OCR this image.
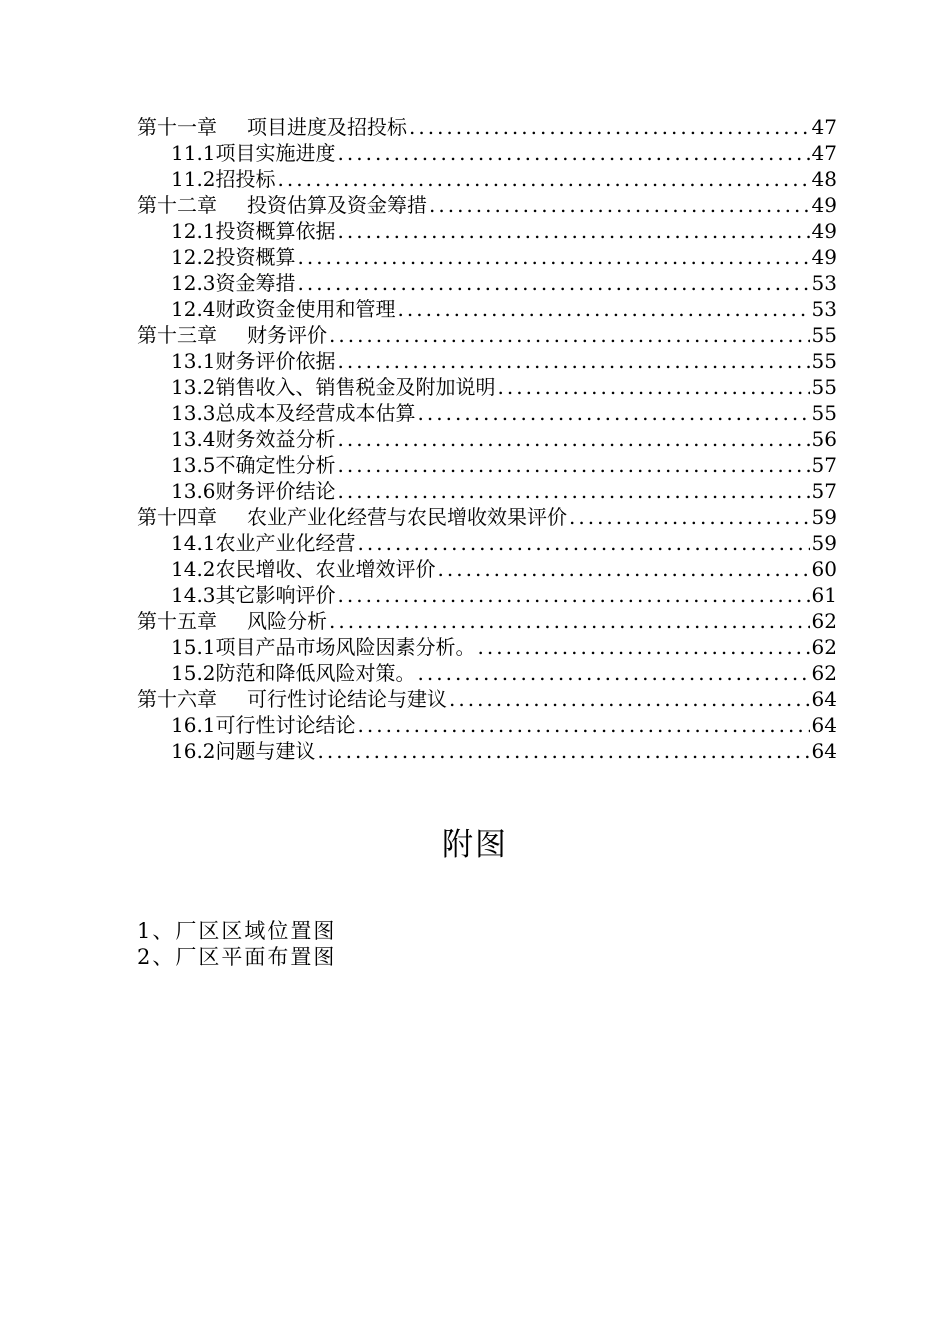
第十一章 项目进度及招投标 .....	47
11.1项目实施进度 .....	47
11.2招投标 .....	48
第十二章 投资估算及资金筹措 .....	49
12.1投资概算依据 .....	49
12.2投资概算 .....	49
12.3资金筹措 .....	53
12.4财政资金使用和管理 .....	53
第十三章 财务评价 .....	55
13.1财务评价依据 .....	55
13.2销售收入、销售税金及附加说明 .....	55
13.3总成本及经营成本估算 .....	55
13.4财务效益分析 .....	56
13.5不确定性分析 .....	57
13.6财务评价结论 .....	57
第十四章 农业产业化经营与农民增收效果评价 .....	59
14.1农业产业化经营 .....	59
14.2农民增收、农业增效评价 .....	60
14.3其它影响评价 .....	61
第十五章 风险分析 .....	62
15.1项目产品市场风险因素分析。 .....	62
15.2防范和降低风险对策。 .....	62
第十六章 可行性讨论结论与建议 .....	64
16.1可行性讨论结论 .....	64
16.2问题与建议 .....	64
附图
1、厂区区域位置图
2、厂区平面布置图
